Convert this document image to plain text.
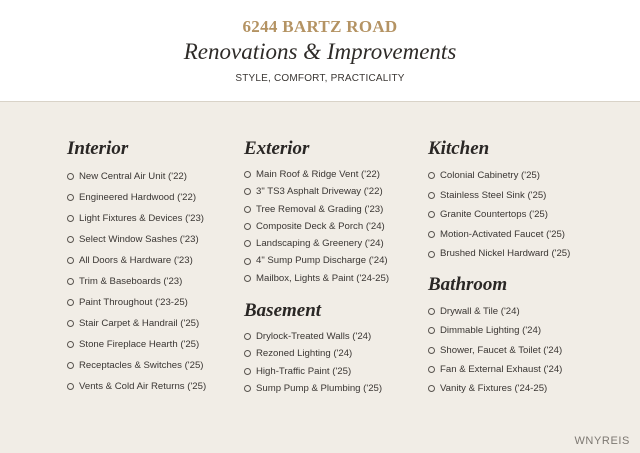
6244 BARTZ ROAD
Renovations & Improvements
STYLE, COMFORT, PRACTICALITY
Interior
New Central Air Unit ('22)
Engineered Hardwood ('22)
Light Fixtures & Devices ('23)
Select Window Sashes ('23)
All Doors & Hardware ('23)
Trim & Baseboards ('23)
Paint Throughout ('23-25)
Stair Carpet & Handrail ('25)
Stone Fireplace Hearth ('25)
Receptacles & Switches ('25)
Vents & Cold Air Returns ('25)
Exterior
Main Roof & Ridge Vent ('22)
3" TS3 Asphalt Driveway ('22)
Tree Removal & Grading ('23)
Composite Deck & Porch ('24)
Landscaping & Greenery ('24)
4" Sump Pump Discharge ('24)
Mailbox, Lights & Paint ('24-25)
Basement
Drylock-Treated Walls ('24)
Rezoned Lighting ('24)
High-Traffic Paint ('25)
Sump Pump & Plumbing ('25)
Kitchen
Colonial Cabinetry ('25)
Stainless Steel Sink ('25)
Granite Countertops ('25)
Motion-Activated Faucet ('25)
Brushed Nickel Hardward ('25)
Bathroom
Drywall & Tile ('24)
Dimmable Lighting ('24)
Shower, Faucet & Toilet ('24)
Fan & External Exhaust ('24)
Vanity & Fixtures ('24-25)
WNYREIS
